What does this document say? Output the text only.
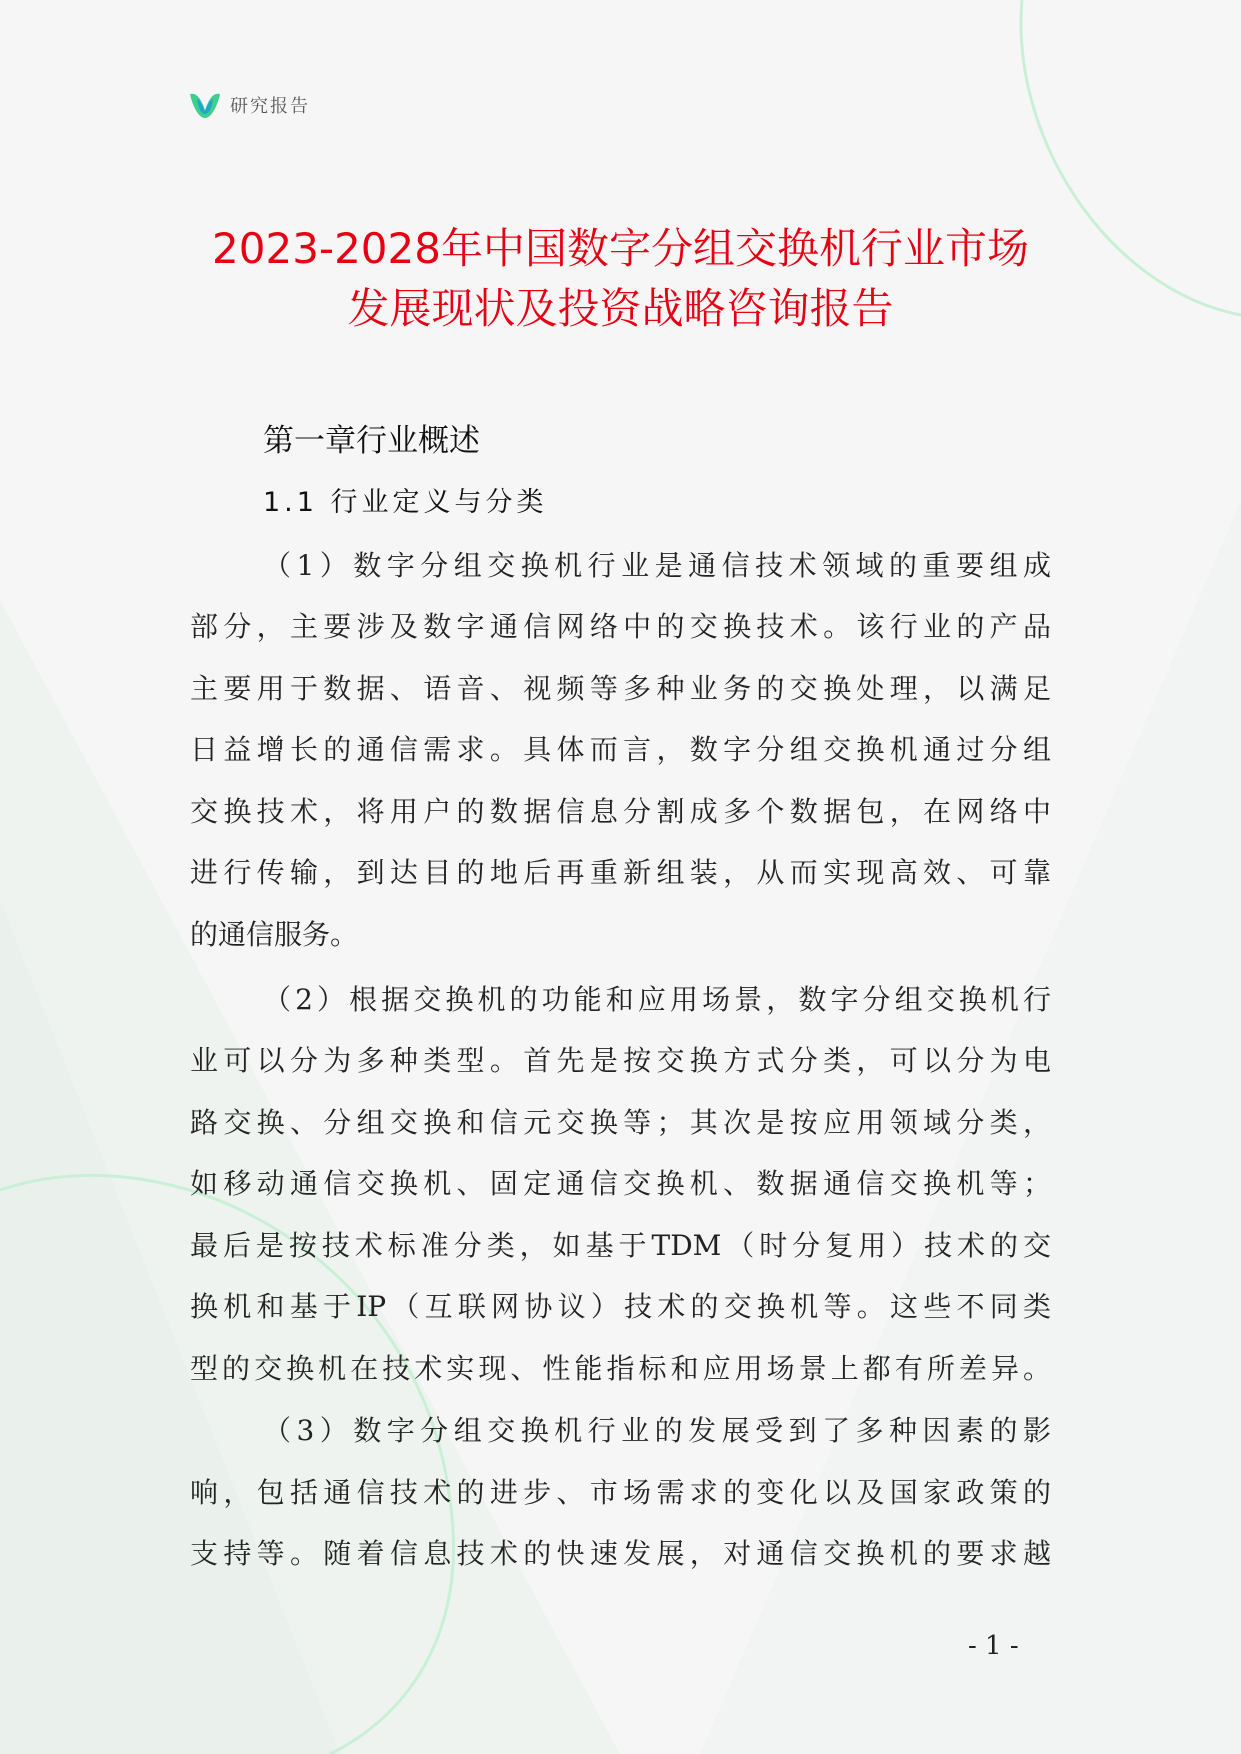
研究报告
2023-2028年中国数字分组交换机行业市场
发展现状及投资战略咨询报告
第一章行业概述
1.1 行业定义与分类
（1）数字分组交换机行业是通信技术领域的重要组成
部分，主要涉及数字通信网络中的交换技术。该行业的产品
主要用于数据、语音、视频等多种业务的交换处理，以满足
日益增长的通信需求。具体而言，数字分组交换机通过分组
交换技术，将用户的数据信息分割成多个数据包，在网络中
进行传输，到达目的地后再重新组装，从而实现高效、可靠
的通信服务。
（2）根据交换机的功能和应用场景，数字分组交换机行
业可以分为多种类型。首先是按交换方式分类，可以分为电
路交换、分组交换和信元交换等；其次是按应用领域分类，
如移动通信交换机、固定通信交换机、数据通信交换机等；
最后是按技术标准分类，如基于TDM（时分复用）技术的交
换机和基于IP（互联网协议）技术的交换机等。这些不同类
型的交换机在技术实现、性能指标和应用场景上都有所差异。
（3）数字分组交换机行业的发展受到了多种因素的影
响，包括通信技术的进步、市场需求的变化以及国家政策的
支持等。随着信息技术的快速发展，对通信交换机的要求越
- 1 -
